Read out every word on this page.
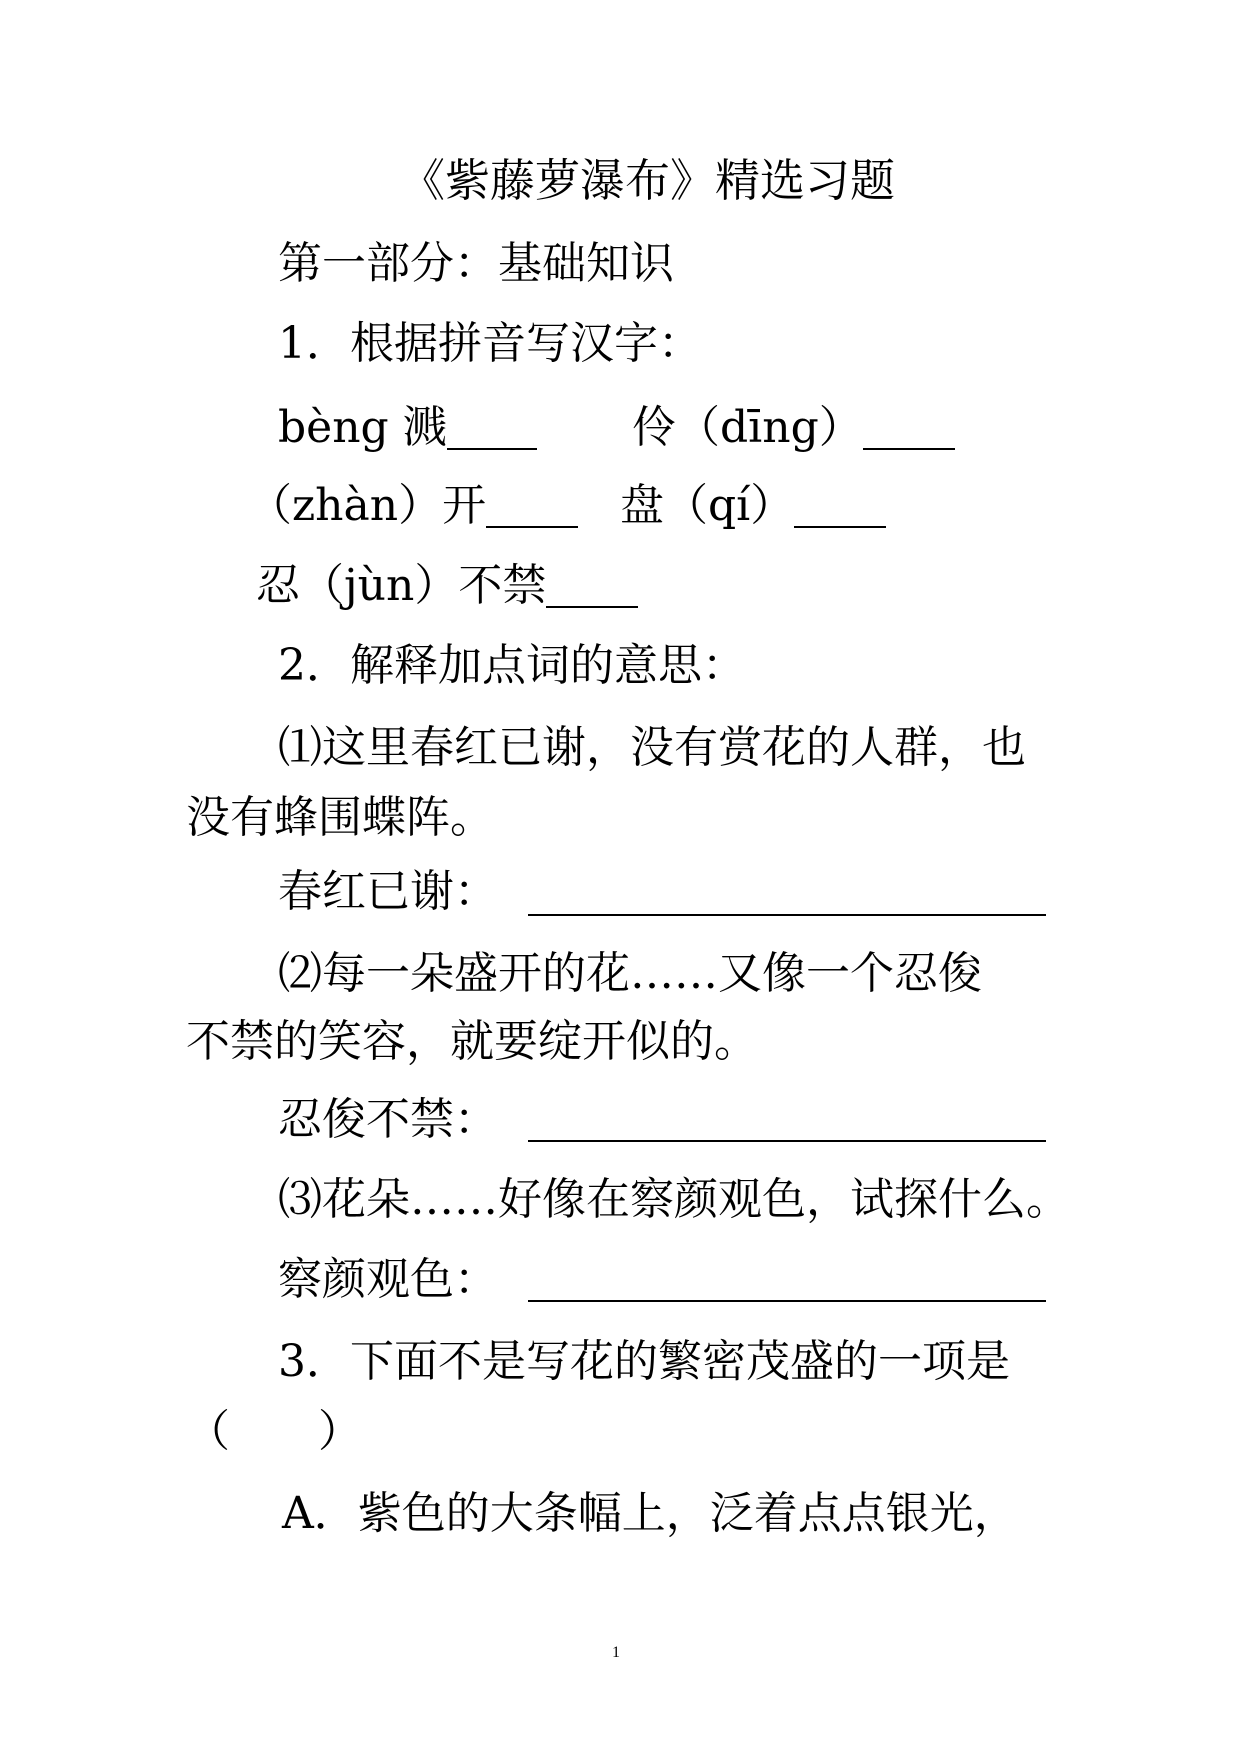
《紫藤萝瀑布》精选习题
第一部分：基础知识
1．根据拼音写汉字：
bèng 溅	伶（dīng）
（zhàn）开	盘（qí）
忍（jùn）不禁
2．解释加点词的意思：
⑴这里春红已谢，没有赏花的人群，也
没有蜂围蝶阵。
春红已谢：
⑵每一朵盛开的花……又像一个忍俊
不禁的笑容，就要绽开似的。
忍俊不禁：
⑶花朵……好像在察颜观色，试探什么。
察颜观色：
3．下面不是写花的繁密茂盛的一项是
（　　）
A．紫色的大条幅上，泛着点点银光，
1
